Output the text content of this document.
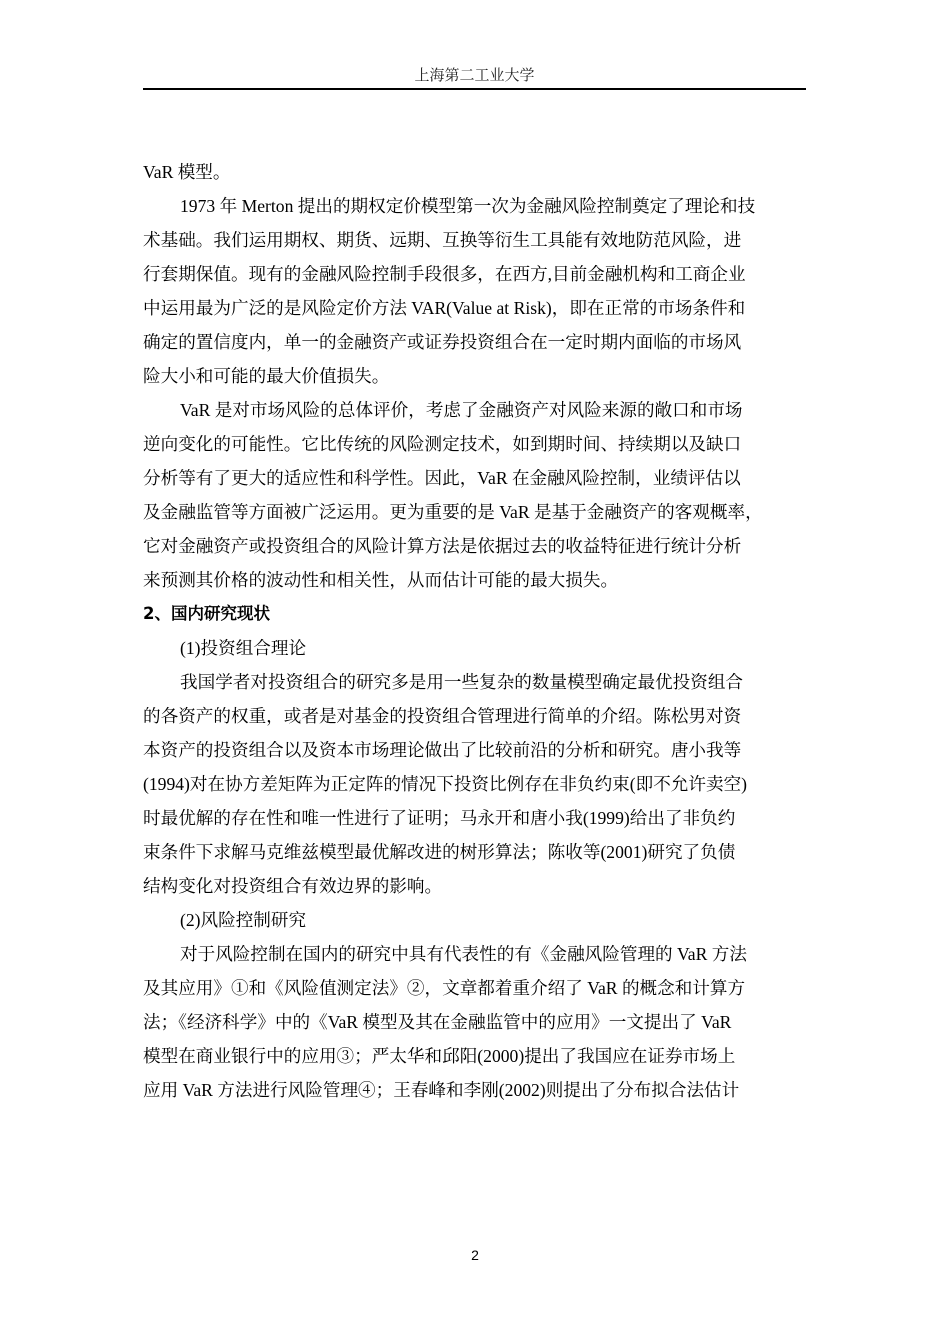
上海第二工业大学
VaR 模型。
1973 年 Merton 提出的期权定价模型第一次为金融风险控制奠定了理论和技
术基础。我们运用期权、期货、远期、互换等衍生工具能有效地防范风险，进
行套期保值。现有的金融风险控制手段很多，在西方,目前金融机构和工商企业
中运用最为广泛的是风险定价方法 VAR(Value at Risk)，即在正常的市场条件和
确定的置信度内，单一的金融资产或证券投资组合在一定时期内面临的市场风
险大小和可能的最大价值损失。
VaR 是对市场风险的总体评价，考虑了金融资产对风险来源的敞口和市场
逆向变化的可能性。它比传统的风险测定技术，如到期时间、持续期以及缺口
分析等有了更大的适应性和科学性。因此，VaR 在金融风险控制，业绩评估以
及金融监管等方面被广泛运用。更为重要的是 VaR 是基于金融资产的客观概率，
它对金融资产或投资组合的风险计算方法是依据过去的收益特征进行统计分析
来预测其价格的波动性和相关性，从而估计可能的最大损失。
2、国内研究现状
(1)投资组合理论
我国学者对投资组合的研究多是用一些复杂的数量模型确定最优投资组合
的各资产的权重，或者是对基金的投资组合管理进行简单的介绍。陈松男对资
本资产的投资组合以及资本市场理论做出了比较前沿的分析和研究。唐小我等
(1994)对在协方差矩阵为正定阵的情况下投资比例存在非负约束(即不允许卖空)
时最优解的存在性和唯一性进行了证明；马永开和唐小我(1999)给出了非负约
束条件下求解马克维兹模型最优解改进的树形算法；陈收等(2001)研究了负债
结构变化对投资组合有效边界的影响。
(2)风险控制研究
对于风险控制在国内的研究中具有代表性的有《金融风险管理的 VaR 方法
及其应用》①和《风险值测定法》②，文章都着重介绍了 VaR 的概念和计算方
法；《经济科学》中的《VaR 模型及其在金融监管中的应用》一文提出了 VaR
模型在商业银行中的应用③；严太华和邱阳(2000)提出了我国应在证券市场上
应用 VaR 方法进行风险管理④；王春峰和李刚(2002)则提出了分布拟合法估计
2
